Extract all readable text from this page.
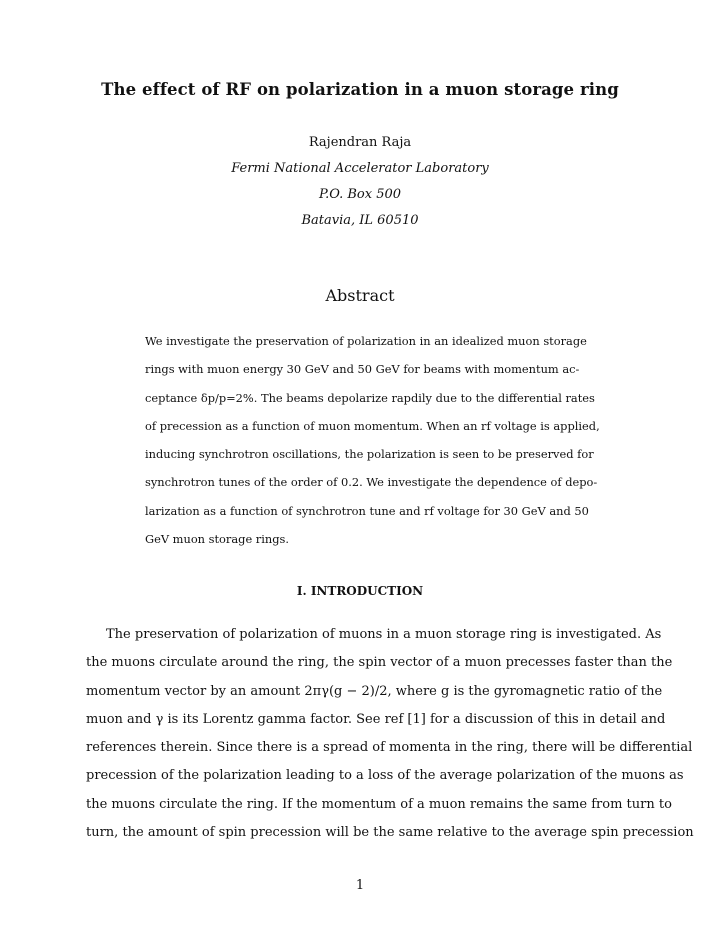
The effect of RF on polarization in a muon storage ring
Rajendran Raja
Fermi National Accelerator Laboratory
P.O. Box 500
Batavia, IL 60510
Abstract
We investigate the preservation of polarization in an idealized muon storage
rings with muon energy 30 GeV and 50 GeV for beams with momentum ac-
ceptance δp/p=2%. The beams depolarize rapdily due to the differential rates
of precession as a function of muon momentum. When an rf voltage is applied,
inducing synchrotron oscillations, the polarization is seen to be preserved for
synchrotron tunes of the order of 0.2. We investigate the dependence of depo-
larization as a function of synchrotron tune and rf voltage for 30 GeV and 50
GeV muon storage rings.
I. INTRODUCTION
The preservation of polarization of muons in a muon storage ring is investigated. As
the muons circulate around the ring, the spin vector of a muon precesses faster than the
momentum vector by an amount 2πγ(g − 2)/2, where g is the gyromagnetic ratio of the
muon and γ is its Lorentz gamma factor. See ref [1] for a discussion of this in detail and
references therein. Since there is a spread of momenta in the ring, there will be differential
precession of the polarization leading to a loss of the average polarization of the muons as
the muons circulate the ring. If the momentum of a muon remains the same from turn to
turn, the amount of spin precession will be the same relative to the average spin precession
1
